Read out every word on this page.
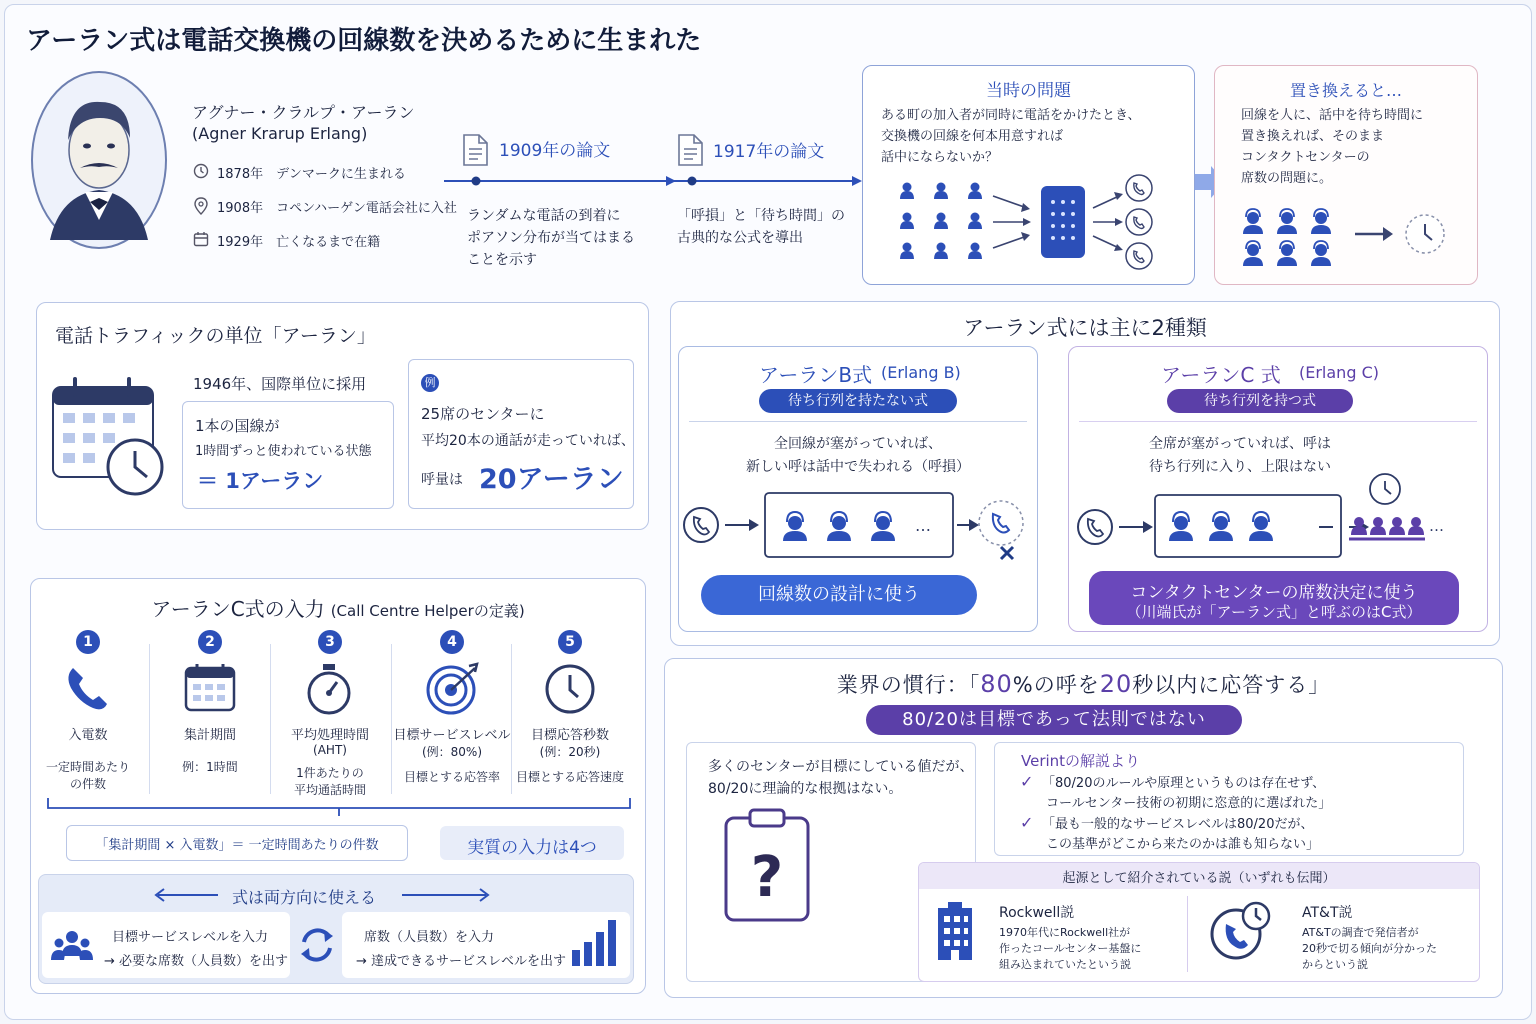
アーラン式は電話交換機の回線数を決めるために生まれた
アグナー・クラルプ・アーラン
(Agner Krarup Erlang)
1878年　デンマークに生まれる
1908年　コペンハーゲン電話会社に入社
1929年　亡くなるまで在籍
1909年の論文
ランダムな電話の到着に
ポアソン分布が当てはまる
ことを示す
1917年の論文
「呼損」と「待ち時間」の
古典的な公式を導出
当時の問題
ある町の加入者が同時に電話をかけたとき、
交換機の回線を何本用意すれば
話中にならないか？
置き換えると…
回線を人に、話中を待ち時間に
置き換えれば、そのまま
コンタクトセンターの
席数の問題に。
電話トラフィックの単位「アーラン」
1946年、国際単位に採用
1本の国線が
1時間ずっと使われている状態
＝ 1アーラン
例
25席のセンターに
平均20本の通話が走っていれば、
呼量は 20アーラン
アーラン式には主に2種類
アーランB式 (Erlang B)
待ち行列を持たない式
全回線が塞がっていれば、
新しい呼は話中で失われる（呼損）
…
回線数の設計に使う
アーランC 式 (Erlang C)
待ち行列を持つ式
全席が塞がっていれば、呼は
待ち行列に入り、上限はない
…
コンタクトセンターの席数決定に使う
（川端氏が「アーラン式」と呼ぶのはC式）
アーランC式の入力 (Call Centre Helperの定義)
1
入電数
一定時間あたり
の件数
2
集計期間
例：1時間
3
平均処理時間
(AHT)
1件あたりの
平均通話時間
4
目標サービスレベル
(例：80%)
目標とする応答率
5
目標応答秒数
(例：20秒)
目標とする応答速度
「集計期間 × 入電数」＝ 一定時間あたりの件数	実質の入力は4つ
式は両方向に使える
目標サービスレベルを入力
→ 必要な席数（人員数）を出す
席数（人員数）を入力
→ 達成できるサービスレベルを出す
業界の慣行：「80%の呼を20秒以内に応答する」
80/20は目標であって法則ではない
多くのセンターが目標にしている値だが、
80/20に理論的な根拠はない。
?
Verintの解説より
✓ 「80/20のルールや原理というものは存在せず、
コールセンター技術の初期に恣意的に選ばれた」
✓ 「最も一般的なサービスレベルは80/20だが、
この基準がどこから来たのかは誰も知らない」
起源として紹介されている説（いずれも伝聞）
Rockwell説
1970年代にRockwell社が
作ったコールセンター基盤に
組み込まれていたという説
AT&T説
AT&Tの調査で発信者が
20秒で切る傾向が分かった
からという説
